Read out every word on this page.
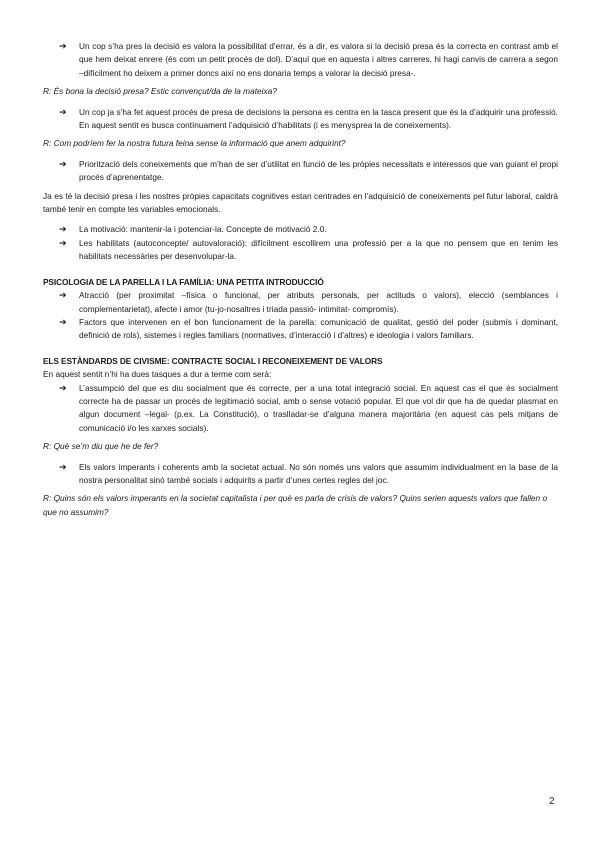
➔ Un cop s’ha pres la decisió es valora la possibilitat d’errar, és a dir, es valora si la decisió presa és la correcta en contrast amb el que hem deixat enrere (és com un petit procés de dol). D’aquí que en aquesta i altres carreres, hi hagi canvis de carrera a segon –difícilment ho deixem a primer doncs així no ens donaria temps a valorar la decisió presa-.

R: És bona la decisió presa? Estic convençut/da de la mateixa?

➔ Un cop ja s’ha fet aquest procés de presa de decisions la persona es centra en la tasca present que és la d’adquirir una professió. En aquest sentit es busca contínuament l’adquisició d’habilitats (i es menysprea la de coneixements).

R: Com podríem fer la nostra futura feina sense la informació que anem adquirint?

➔ Priorització dels coneixements que m’han de ser d’utilitat en funció de les pròpies necessitats e interessos que van guiant el propi procés d’aprenentatge.

Ja es té la decisió presa i les nostres pròpies capacitats cognitives estan centrades en l’adquisició de coneixements pel futur laboral, caldrà també tenir en compte les variables emocionals.

➔ La motivació: mantenir-la i potenciar-la. Concepte de motivació 2.0.

➔ Les habilitats (autoconcepte/ autovaloració): difícilment escollirem una professió per a la que no pensem que en tenim les habilitats necessàries per desenvolupar-la.

PSICOLOGIA DE LA PARELLA I LA FAMÍLIA: UNA PETITA INTRODUCCIÓ

➔ Atracció (per proximitat –física o funcional, per atributs personals, per actituds o valors), elecció (semblances i complementarietat), afecte i amor (tu-jo-nosaltres i triada passió- intimitat- compromís).

➔ Factors que intervenen en el bon funcionament de la parella: comunicació de qualitat, gestió del poder (submís i dominant, definició de rols), sistemes i regles familiars (normatives, d’interacció i d’altres) e ideologia i valors familiars.

ELS ESTÀNDARDS DE CIVISME: CONTRACTE SOCIAL I RECONEIXEMENT DE VALORS

En aquest sentit n’hi ha dues tasques a dur a terme com serà:

➔ L’assumpció del que es diu socialment que és correcte, per a una total integració social. En aquest cas el que és socialment correcte ha de passar un procés de legitimació social, amb o sense votació popular. El que vol dir que ha de quedar plasmat en algun document –legal- (p.ex. La Constitució), o traslladar-se d’alguna manera majoritària (en aquest cas pels mitjans de comunicació i/o les xarxes socials).

R: Què se’m diu que he de fer?

➔ Els valors imperants i coherents amb la societat actual. No són només uns valors que assumim individualment en la base de la nostra personalitat sinó també socials i adquirits a partir d’unes certes regles del joc.

R: Quins són els valors imperants en la societat capitalista i per què es parla de crisis de valors? Quins serien aquests valors que fallen o que no assumim?

2
